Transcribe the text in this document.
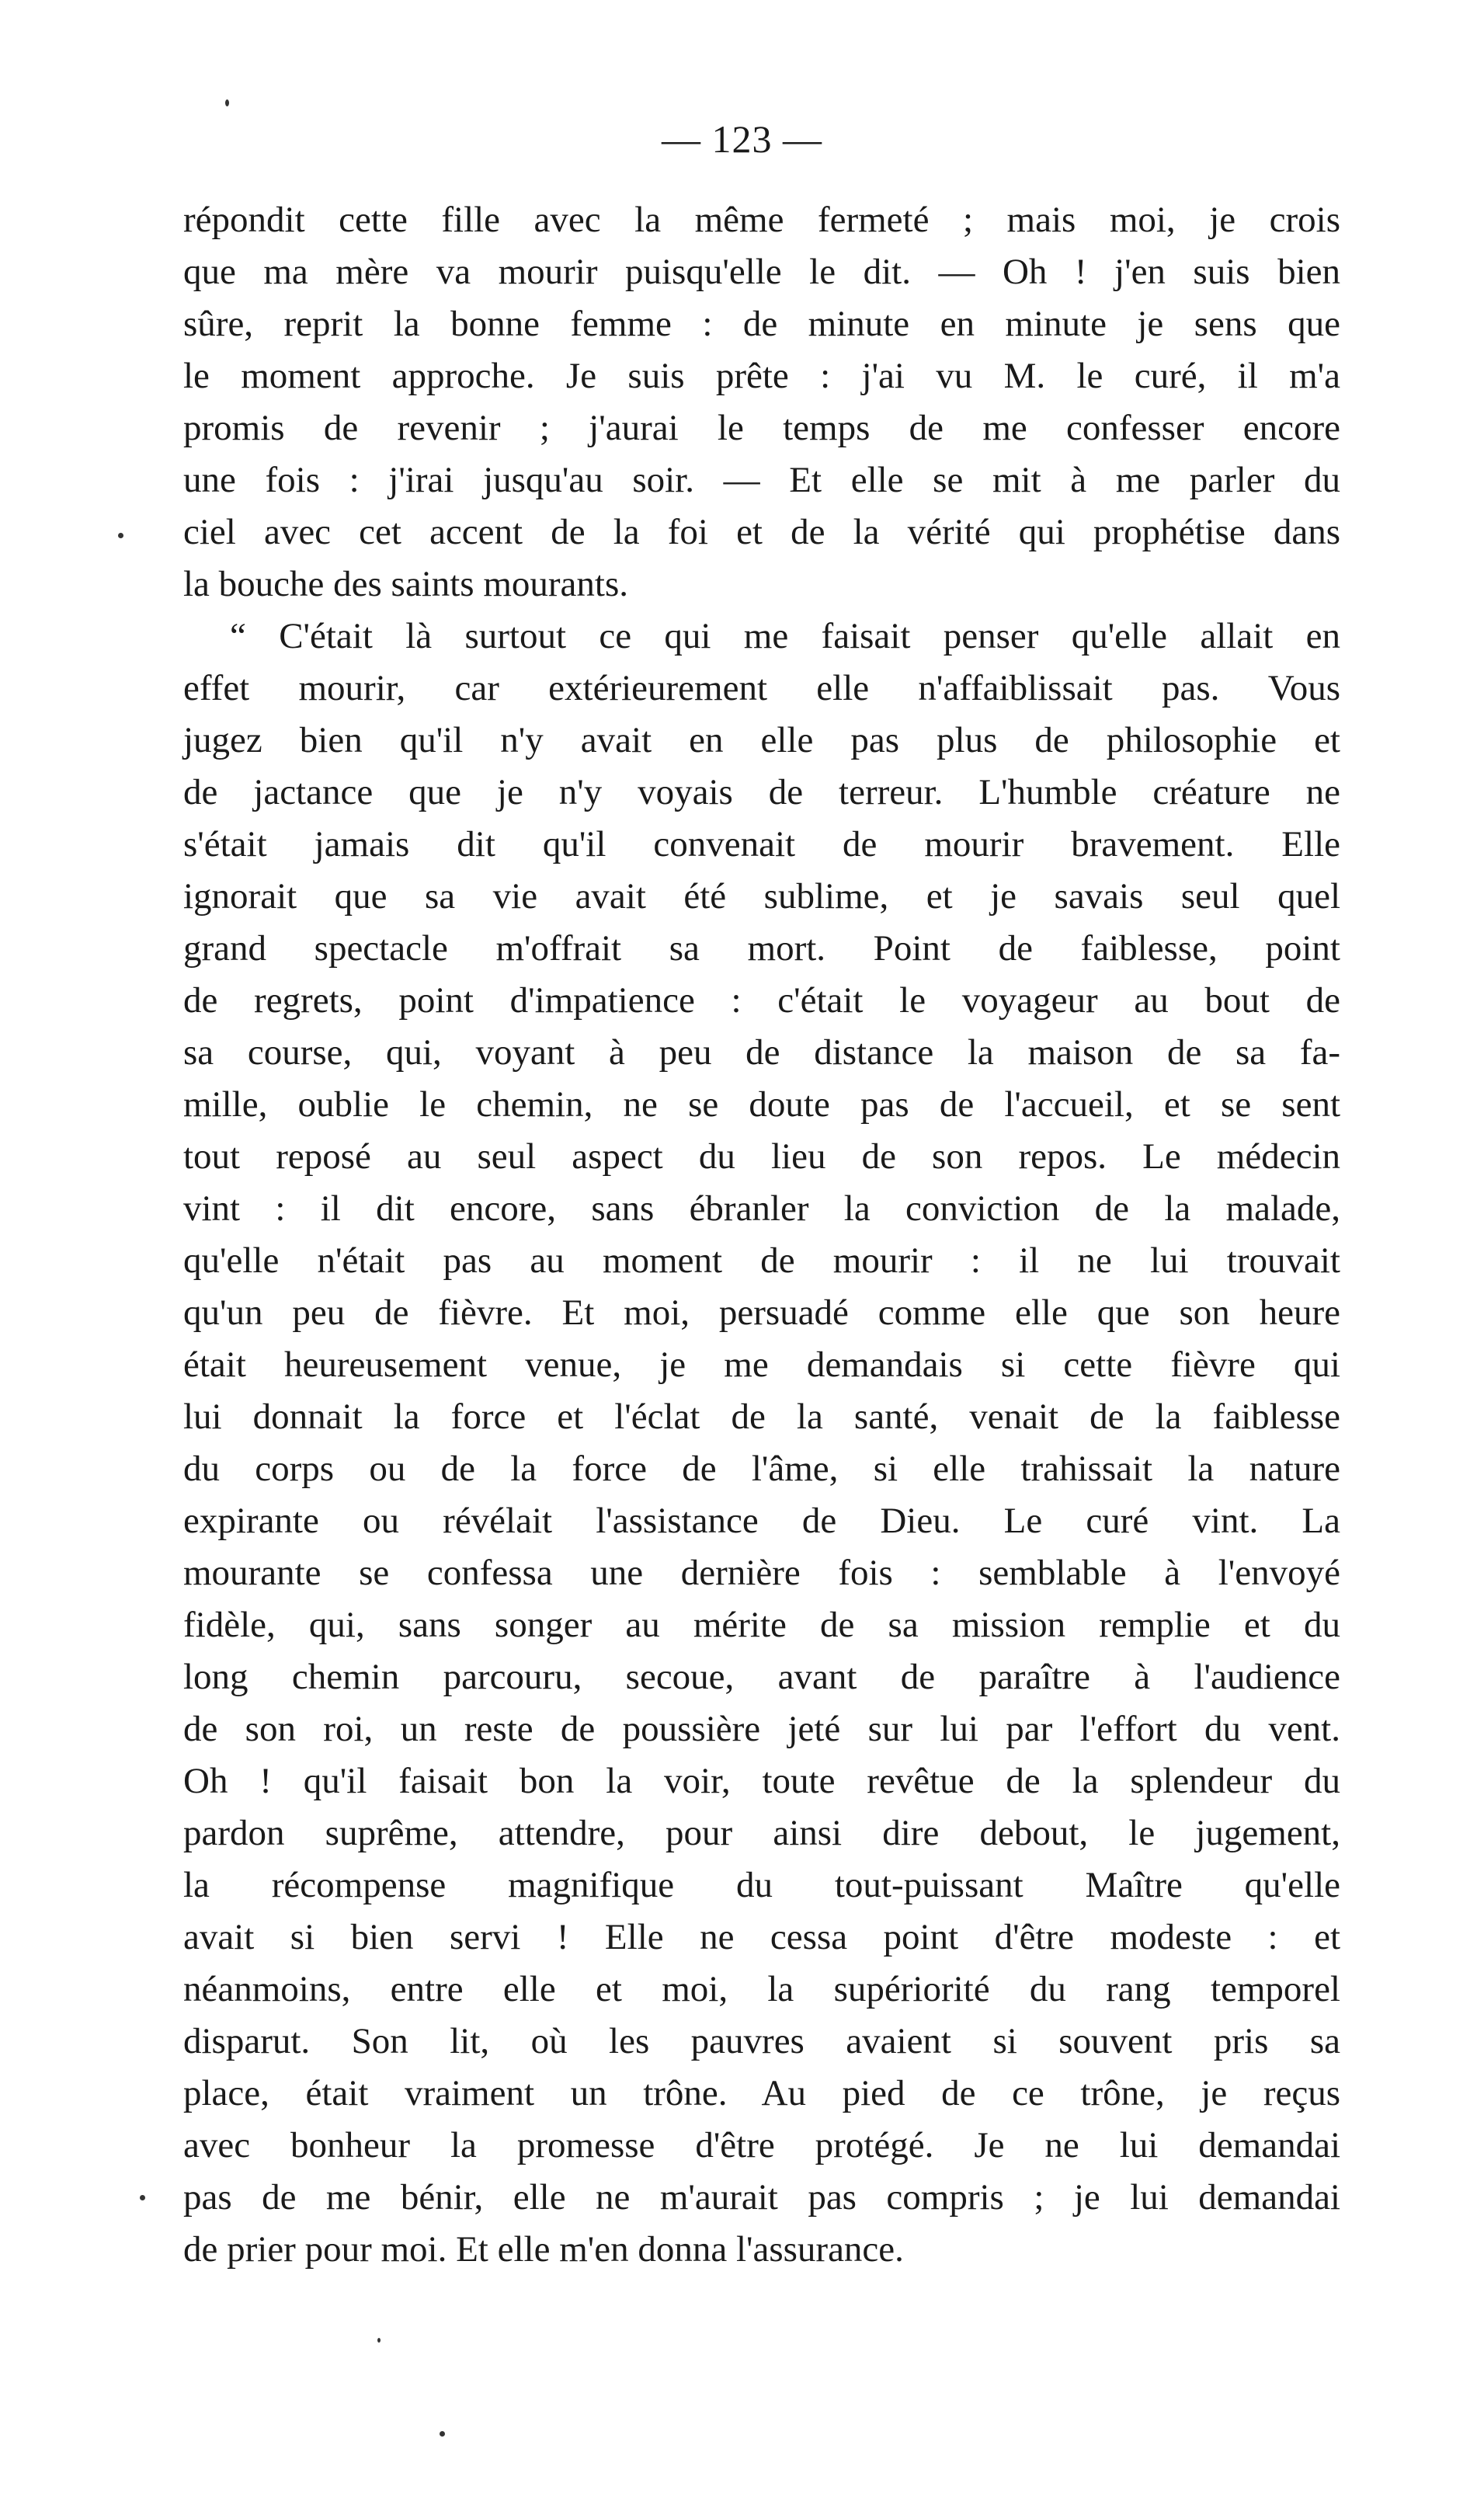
— 123 —
répondit cette fille avec la même fermeté ; mais moi, je crois
que ma mère va mourir puisqu'elle le dit. — Oh ! j'en suis bien
sûre, reprit la bonne femme : de minute en minute je sens que
le moment approche. Je suis prête : j'ai vu M. le curé, il m'a
promis de revenir ; j'aurai le temps de me confesser encore
une fois : j'irai jusqu'au soir. — Et elle se mit à me parler du
ciel avec cet accent de la foi et de la vérité qui prophétise dans
la bouche des saints mourants.
“ C'était là surtout ce qui me faisait penser qu'elle allait en
effet mourir, car extérieurement elle n'affaiblissait pas. Vous
jugez bien qu'il n'y avait en elle pas plus de philosophie et
de jactance que je n'y voyais de terreur. L'humble créature ne
s'était jamais dit qu'il convenait de mourir bravement. Elle
ignorait que sa vie avait été sublime, et je savais seul quel
grand spectacle m'offrait sa mort. Point de faiblesse, point
de regrets, point d'impatience : c'était le voyageur au bout de
sa course, qui, voyant à peu de distance la maison de sa fa-
mille, oublie le chemin, ne se doute pas de l'accueil, et se sent
tout reposé au seul aspect du lieu de son repos. Le médecin
vint : il dit encore, sans ébranler la conviction de la malade,
qu'elle n'était pas au moment de mourir : il ne lui trouvait
qu'un peu de fièvre. Et moi, persuadé comme elle que son heure
était heureusement venue, je me demandais si cette fièvre qui
lui donnait la force et l'éclat de la santé, venait de la faiblesse
du corps ou de la force de l'âme, si elle trahissait la nature
expirante ou révélait l'assistance de Dieu. Le curé vint. La
mourante se confessa une dernière fois : semblable à l'envoyé
fidèle, qui, sans songer au mérite de sa mission remplie et du
long chemin parcouru, secoue, avant de paraître à l'audience
de son roi, un reste de poussière jeté sur lui par l'effort du vent.
Oh ! qu'il faisait bon la voir, toute revêtue de la splendeur du
pardon suprême, attendre, pour ainsi dire debout, le jugement,
la récompense magnifique du tout-puissant Maître qu'elle
avait si bien servi ! Elle ne cessa point d'être modeste : et
néanmoins, entre elle et moi, la supériorité du rang temporel
disparut. Son lit, où les pauvres avaient si souvent pris sa
place, était vraiment un trône. Au pied de ce trône, je reçus
avec bonheur la promesse d'être protégé. Je ne lui demandai
pas de me bénir, elle ne m'aurait pas compris ; je lui demandai
de prier pour moi. Et elle m'en donna l'assurance.
